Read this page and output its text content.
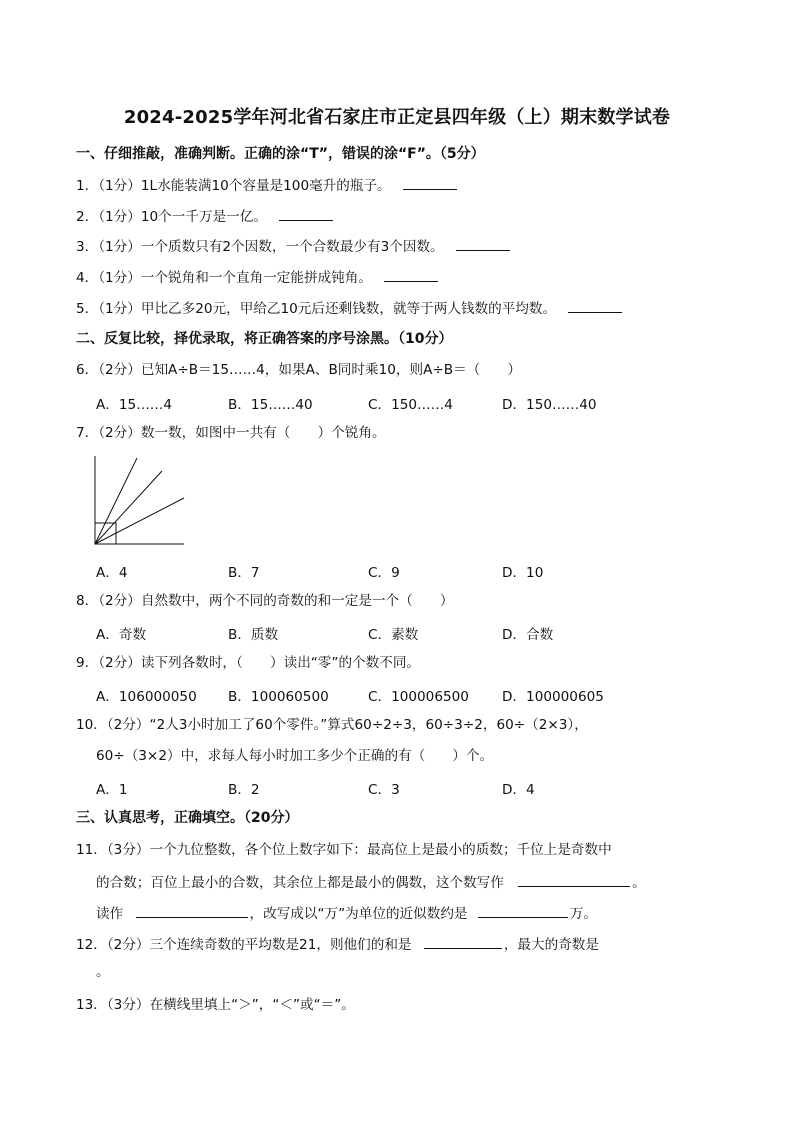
2024-2025学年河北省石家庄市正定县四年级（上）期末数学试卷
一、仔细推敲，准确判断。正确的涂“T”，错误的涂“F”。（5分）
1．（1分）1L水能装满10个容量是100毫升的瓶子。
2．（1分）10个一千万是一亿。
3．（1分）一个质数只有2个因数，一个合数最少有3个因数。
4．（1分）一个锐角和一个直角一定能拼成钝角。
5．（1分）甲比乙多20元，甲给乙10元后还剩钱数，就等于两人钱数的平均数。
二、反复比较，择优录取，将正确答案的序号涂黑。（10分）
6．（2分）已知A÷B＝15……4，如果A、B同时乘10，则A÷B＝（　　）
A．15……4	B．15……40	C．150……4	D．150……40
7．（2分）数一数，如图中一共有（　　）个锐角。
A．4	B．7	C．9	D．10
8．（2分）自然数中，两个不同的奇数的和一定是一个（　　）
A．奇数	B．质数	C．素数	D．合数
9．（2分）读下列各数时，（　　）读出“零”的个数不同。
A．106000050 B．100060500	C．100006500 D．100000605
10．（2分）“2人3小时加工了60个零件。”算式60÷2÷3，60÷3÷2，60÷（2×3），
60÷（3×2）中，求每人每小时加工多少个正确的有（　　）个。
A．1	B．2	C．3	D．4
三、认真思考，正确填空。（20分）
11．（3分）一个九位整数，各个位上数字如下：最高位上是最小的质数；千位上是奇数中
的合数；百位上最小的合数，其余位上都是最小的偶数，这个数写作	。
读作	，改写成以“万”为单位的近似数约是	万。
12．（2分）三个连续奇数的平均数是21，则他们的和是	，最大的奇数是
。
13．（3分）在横线里填上“＞”，“＜”或“＝”。
